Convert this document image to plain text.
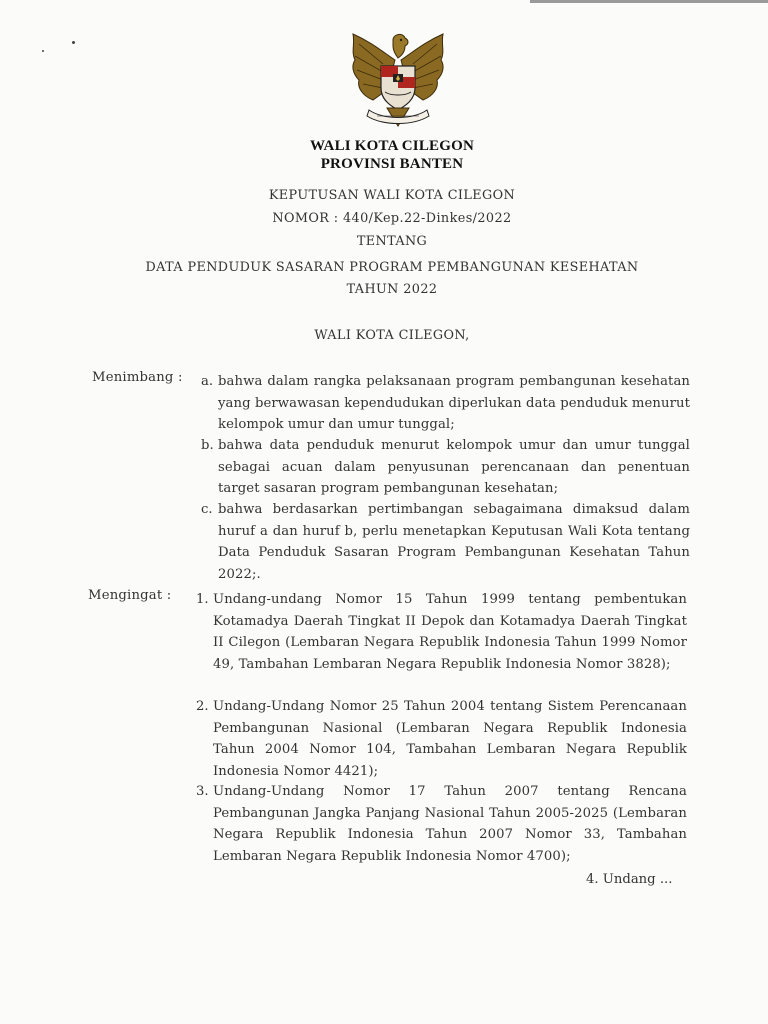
WALI KOTA CILEGON
PROVINSI BANTEN
KEPUTUSAN WALI KOTA CILEGON
NOMOR : 440/Kep.22-Dinkes/2022
TENTANG
DATA PENDUDUK SASARAN PROGRAM PEMBANGUNAN KESEHATAN
TAHUN 2022
WALI KOTA CILEGON,
Menimbang : a. bahwa dalam rangka pelaksanaan program pembangunan kesehatan yang berwawasan kependudukan diperlukan data penduduk menurut kelompok umur dan umur tunggal;
b. bahwa data penduduk menurut kelompok umur dan umur tunggal sebagai acuan dalam penyusunan perencanaan dan penentuan target sasaran program pembangunan kesehatan;
c. bahwa berdasarkan pertimbangan sebagaimana dimaksud dalam huruf a dan huruf b, perlu menetapkan Keputusan Wali Kota tentang Data Penduduk Sasaran Program Pembangunan Kesehatan Tahun 2022;.
Mengingat : 1. Undang-undang Nomor 15 Tahun 1999 tentang pembentukan Kotamadya Daerah Tingkat II Depok dan Kotamadya Daerah Tingkat II Cilegon (Lembaran Negara Republik Indonesia Tahun 1999 Nomor 49, Tambahan Lembaran Negara Republik Indonesia Nomor 3828);
2. Undang-Undang Nomor 25 Tahun 2004 tentang Sistem Perencanaan Pembangunan Nasional (Lembaran Negara Republik Indonesia Tahun 2004 Nomor 104, Tambahan Lembaran Negara Republik Indonesia Nomor 4421);
3. Undang-Undang Nomor 17 Tahun 2007 tentang Rencana Pembangunan Jangka Panjang Nasional Tahun 2005-2025 (Lembaran Negara Republik Indonesia Tahun 2007 Nomor 33, Tambahan Lembaran Negara Republik Indonesia Nomor 4700);
4. Undang ...
